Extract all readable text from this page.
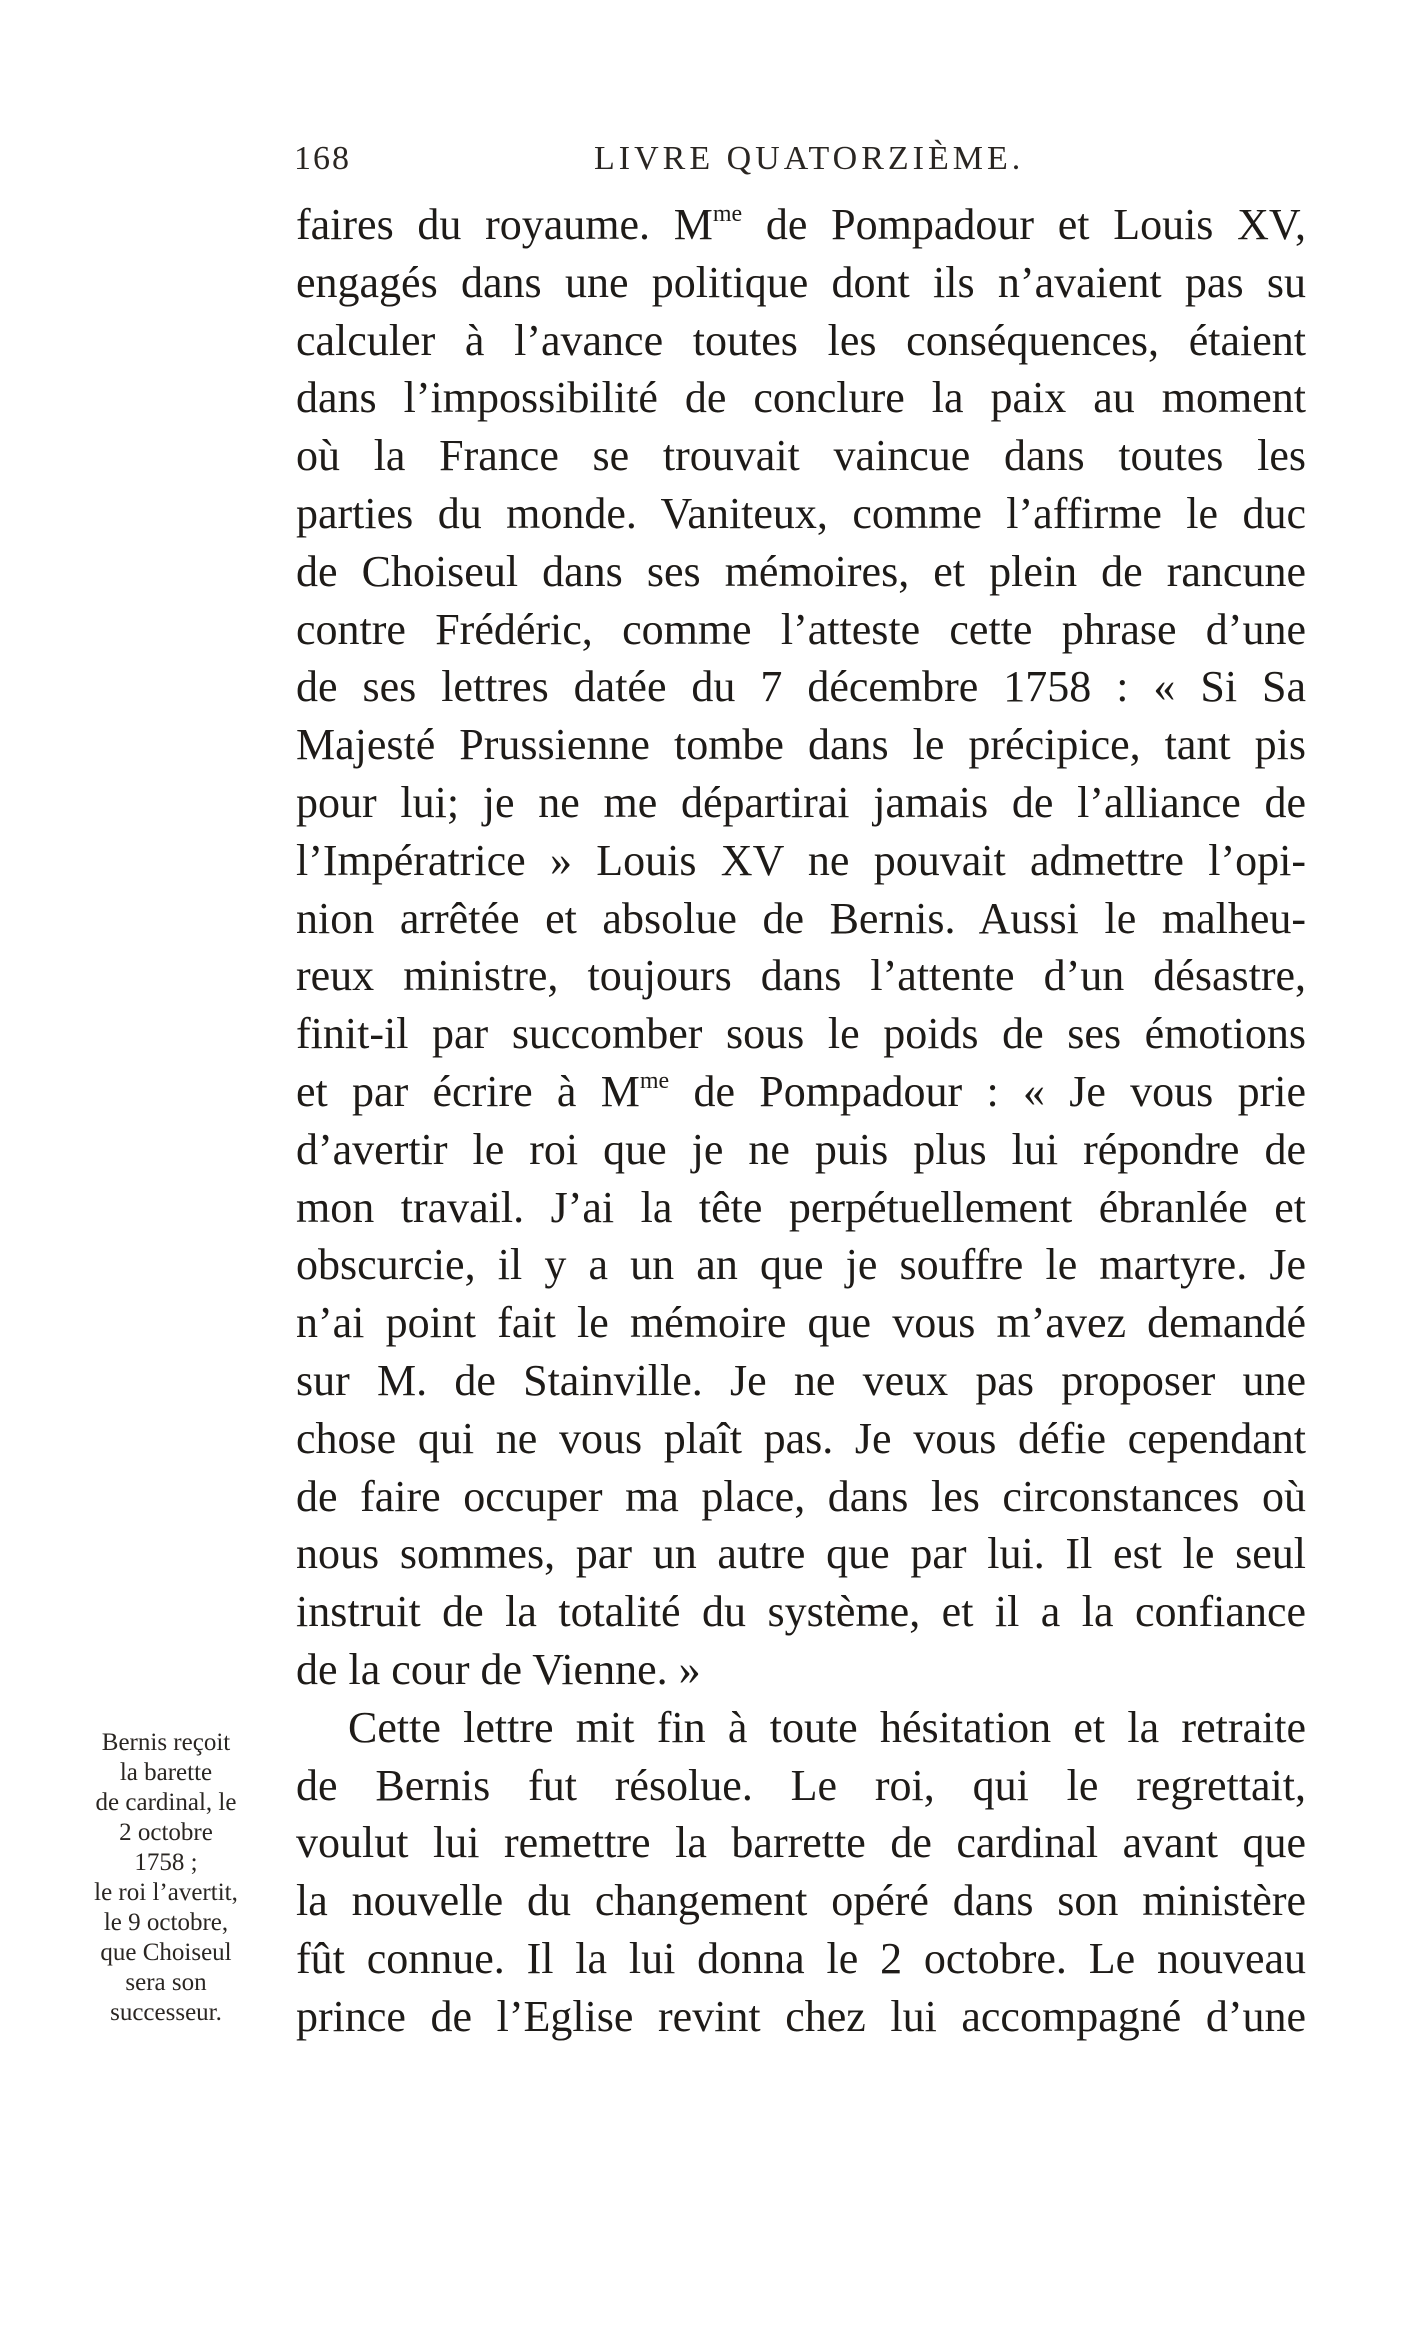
168	LIVRE QUATORZIÈME.
faires du royaume. $M^{me}$ de Pompadour et Louis XV,
engagés dans une politique dont ils n’avaient pas su
calculer à l’avance toutes les conséquences, étaient
dans l’impossibilité de conclure la paix au moment
où la France se trouvait vaincue dans toutes les
parties du monde. Vaniteux, comme l’affirme le duc
de Choiseul dans ses mémoires, et plein de rancune
contre Frédéric, comme l’atteste cette phrase d’une
de ses lettres datée du 7 décembre 1758 : « Si Sa
Majesté Prussienne tombe dans le précipice, tant pis
pour lui; je ne me départirai jamais de l’alliance de
l’Impératrice » Louis XV ne pouvait admettre l’opi-
nion arrêtée et absolue de Bernis. Aussi le malheu-
reux ministre, toujours dans l’attente d’un désastre,
finit-il par succomber sous le poids de ses émotions
et par écrire à $M^{me}$ de Pompadour : « Je vous prie
d’avertir le roi que je ne puis plus lui répondre de
mon travail. J’ai la tête perpétuellement ébranlée et
obscurcie, il y a un an que je souffre le martyre. Je
n’ai point fait le mémoire que vous m’avez demandé
sur M. de Stainville. Je ne veux pas proposer une
chose qui ne vous plaît pas. Je vous défie cependant
de faire occuper ma place, dans les circonstances où
nous sommes, par un autre que par lui. Il est le seul
instruit de la totalité du système, et il a la confiance
de la cour de Vienne. »
Cette lettre mit fin à toute hésitation et la retraite
de Bernis fut résolue. Le roi, qui le regrettait,
voulut lui remettre la barrette de cardinal avant que
la nouvelle du changement opéré dans son ministère
fût connue. Il la lui donna le 2 octobre. Le nouveau
prince de l’Eglise revint chez lui accompagné d’une
Bernis reçoit
la barette
de cardinal, le
2 octobre
1758 ;
le roi l’avertit,
le 9 octobre,
que Choiseul
sera son
successeur.
